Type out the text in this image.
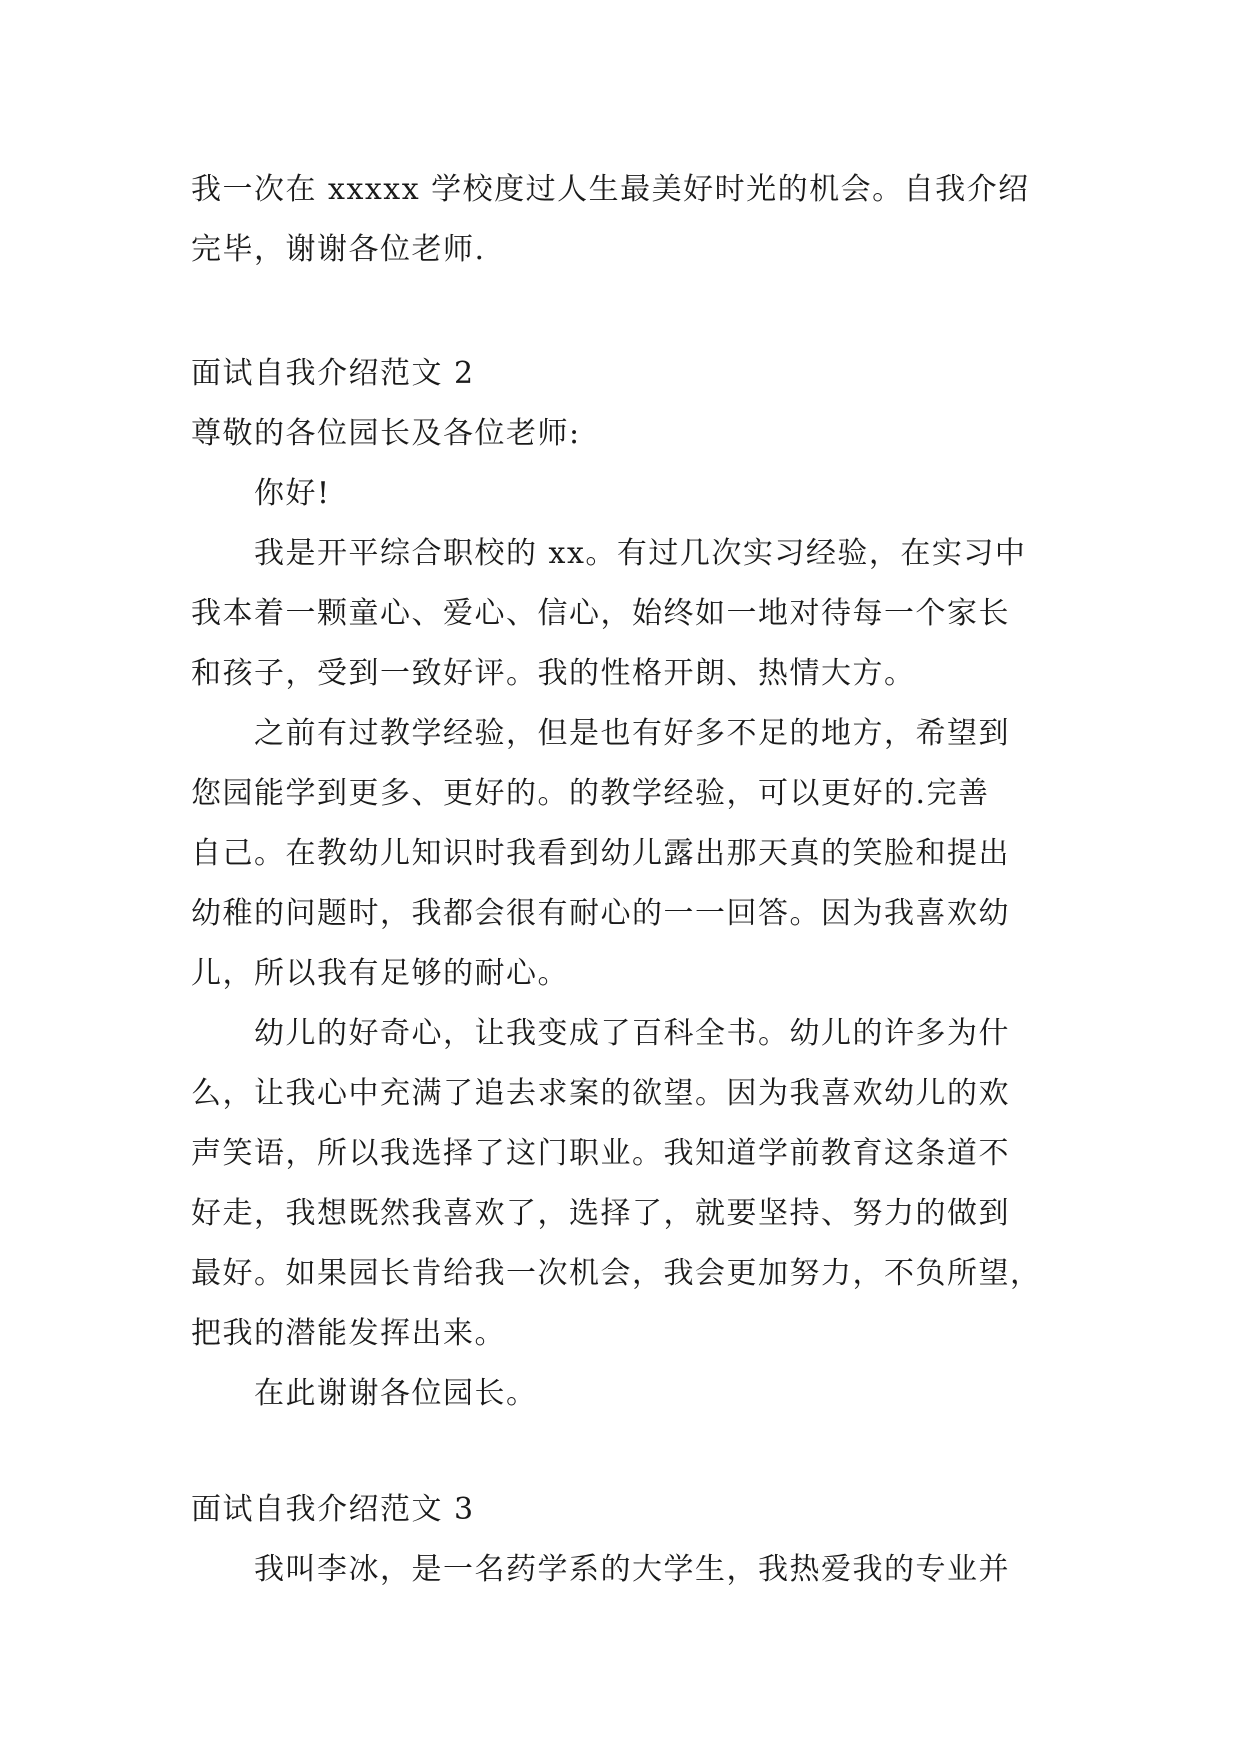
我一次在 xxxxx 学校度过人生最美好时光的机会。自我介绍
完毕，谢谢各位老师.
面试自我介绍范文 2
尊敬的各位园长及各位老师:
你好!
我是开平综合职校的 xx。有过几次实习经验，在实习中
我本着一颗童心、爱心、信心，始终如一地对待每一个家长
和孩子，受到一致好评。我的性格开朗、热情大方。
之前有过教学经验，但是也有好多不足的地方，希望到
您园能学到更多、更好的。的教学经验，可以更好的.完善
自己。在教幼儿知识时我看到幼儿露出那天真的笑脸和提出
幼稚的问题时，我都会很有耐心的一一回答。因为我喜欢幼
儿，所以我有足够的耐心。
幼儿的好奇心，让我变成了百科全书。幼儿的许多为什
么，让我心中充满了追去求案的欲望。因为我喜欢幼儿的欢
声笑语，所以我选择了这门职业。我知道学前教育这条道不
好走，我想既然我喜欢了，选择了，就要坚持、努力的做到
最好。如果园长肯给我一次机会，我会更加努力，不负所望，
把我的潜能发挥出来。
在此谢谢各位园长。
面试自我介绍范文 3
我叫李冰，是一名药学系的大学生，我热爱我的专业并
